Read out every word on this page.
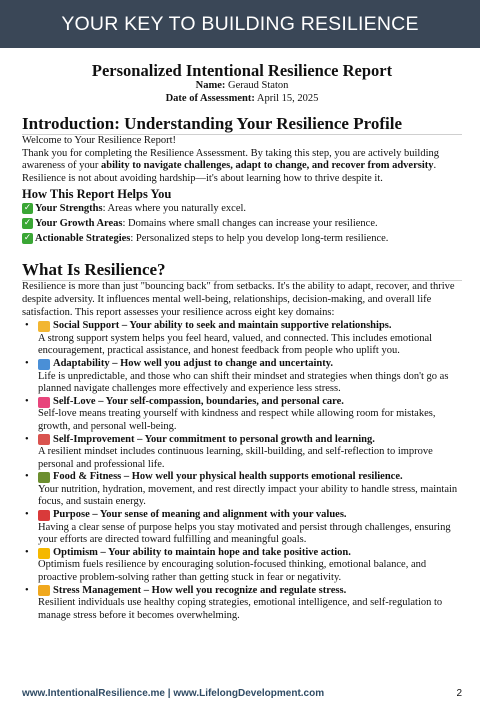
YOUR KEY TO BUILDING RESILIENCE
Personalized Intentional Resilience Report
Name: Geraud Staton
Date of Assessment: April 15, 2025
Introduction: Understanding Your Resilience Profile

Welcome to Your Resilience Report!

Thank you for completing the Resilience Assessment. By taking this step, you are actively building awareness of your ability to navigate challenges, adapt to change, and recover from adversity. Resilience is not about avoiding hardship—it's about learning how to thrive despite it.

How This Report Helps You
✓ Your Strengths : Areas where you naturally excel.
✓ Your Growth Areas : Domains where small changes can increase your resilience.
✓ Actionable Strategies : Personalized steps to help you develop long-term resilience.
What Is Resilience?

Resilience is more than just "bouncing back" from setbacks. It's the ability to adapt, recover, and thrive despite adversity. It influences mental well-being, relationships, decision-making, and overall life satisfaction. This report assesses your resilience across eight key domains:

• Social Support – Your ability to seek and maintain supportive relationships.
A strong support system helps you feel heard, valued, and connected. This includes emotional encouragement, practical assistance, and honest feedback from people who uplift you.
• Adaptability – How well you adjust to change and uncertainty.
Life is unpredictable, and those who can shift their mindset and strategies when things don't go as planned navigate challenges more effectively and experience less stress.
• Self-Love – Your self-compassion, boundaries, and personal care.
Self-love means treating yourself with kindness and respect while allowing room for mistakes, growth, and personal well-being.
• Self-Improvement – Your commitment to personal growth and learning.
A resilient mindset includes continuous learning, skill-building, and self-reflection to improve personal and professional life.
• Food & Fitness – How well your physical health supports emotional resilience.
Your nutrition, hydration, movement, and rest directly impact your ability to handle stress, maintain focus, and sustain energy.
• Purpose – Your sense of meaning and alignment with your values.
Having a clear sense of purpose helps you stay motivated and persist through challenges, ensuring your efforts are directed toward fulfilling and meaningful goals.
• Optimism – Your ability to maintain hope and take positive action.
Optimism fuels resilience by encouraging solution-focused thinking, emotional balance, and proactive problem-solving rather than getting stuck in fear or negativity.
• Stress Management – How well you recognize and regulate stress.
Resilient individuals use healthy coping strategies, emotional intelligence, and self-regulation to manage stress before it becomes overwhelming.
www.IntentionalResilience.me | www.LifelongDevelopment.com	2
